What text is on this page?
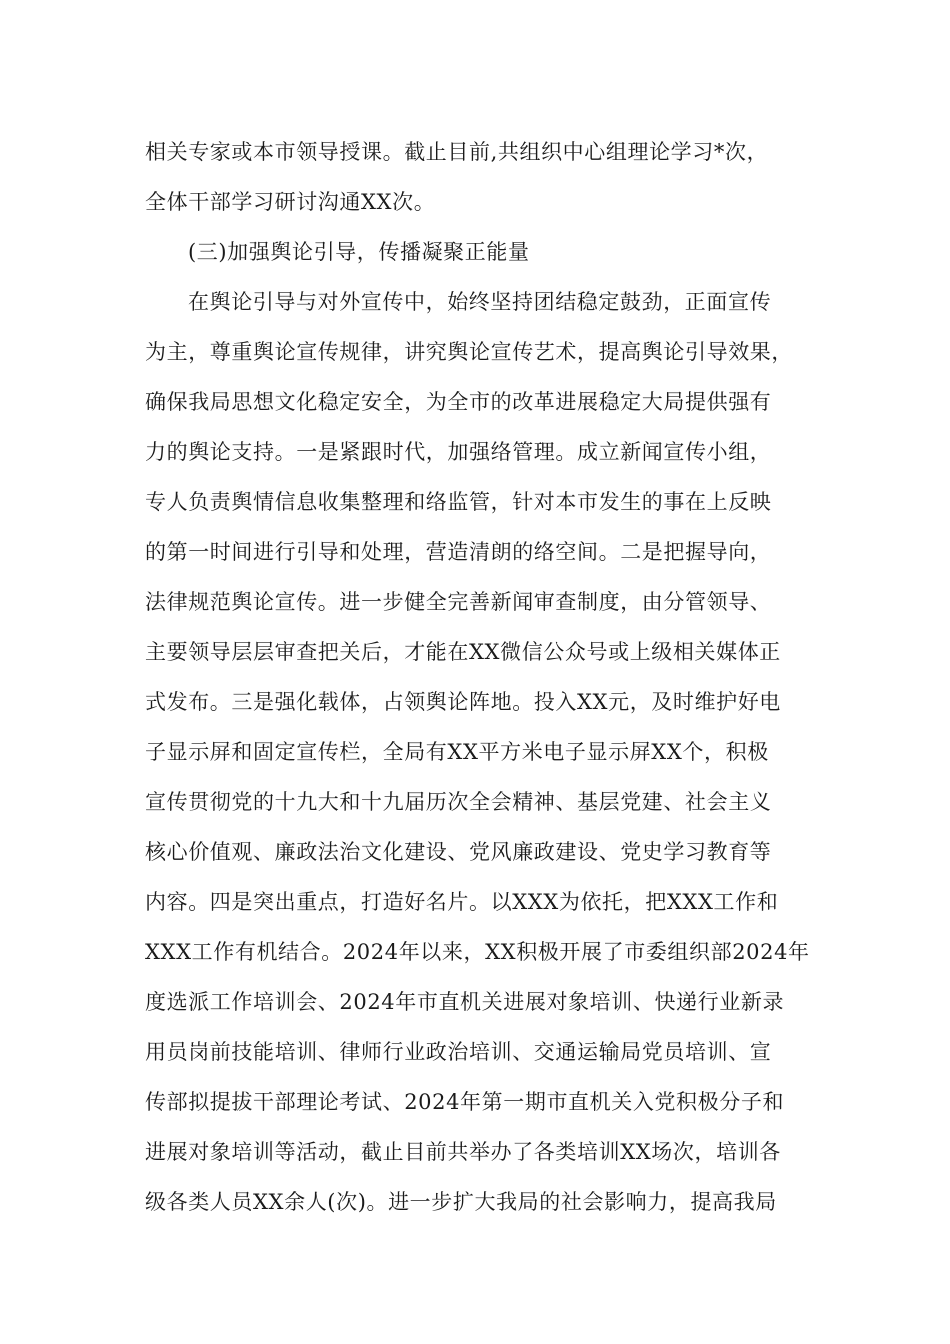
相关专家或本市领导授课。截止目前,共组织中心组理论学习*次，
全体干部学习研讨沟通XX次。
(三)加强舆论引导，传播凝聚正能量
在舆论引导与对外宣传中，始终坚持团结稳定鼓劲，正面宣传
为主，尊重舆论宣传规律，讲究舆论宣传艺术，提高舆论引导效果，
确保我局思想文化稳定安全，为全市的改革进展稳定大局提供强有
力的舆论支持。一是紧跟时代，加强络管理。成立新闻宣传小组，
专人负责舆情信息收集整理和络监管，针对本市发生的事在上反映
的第一时间进行引导和处理，营造清朗的络空间。二是把握导向，
法律规范舆论宣传。进一步健全完善新闻审查制度，由分管领导、
主要领导层层审查把关后，才能在XX微信公众号或上级相关媒体正
式发布。三是强化载体，占领舆论阵地。投入XX元，及时维护好电
子显示屏和固定宣传栏，全局有XX平方米电子显示屏XX个，积极
宣传贯彻党的十九大和十九届历次全会精神、基层党建、社会主义
核心价值观、廉政法治文化建设、党风廉政建设、党史学习教育等
内容。四是突出重点，打造好名片。以XXX为依托，把XXX工作和
XXX工作有机结合。2024年以来，XX积极开展了市委组织部2024年
度选派工作培训会、2024年市直机关进展对象培训、快递行业新录
用员岗前技能培训、律师行业政治培训、交通运输局党员培训、宣
传部拟提拔干部理论考试、2024年第一期市直机关入党积极分子和
进展对象培训等活动，截止目前共举办了各类培训XX场次，培训各
级各类人员XX余人(次)。进一步扩大我局的社会影响力，提高我局
